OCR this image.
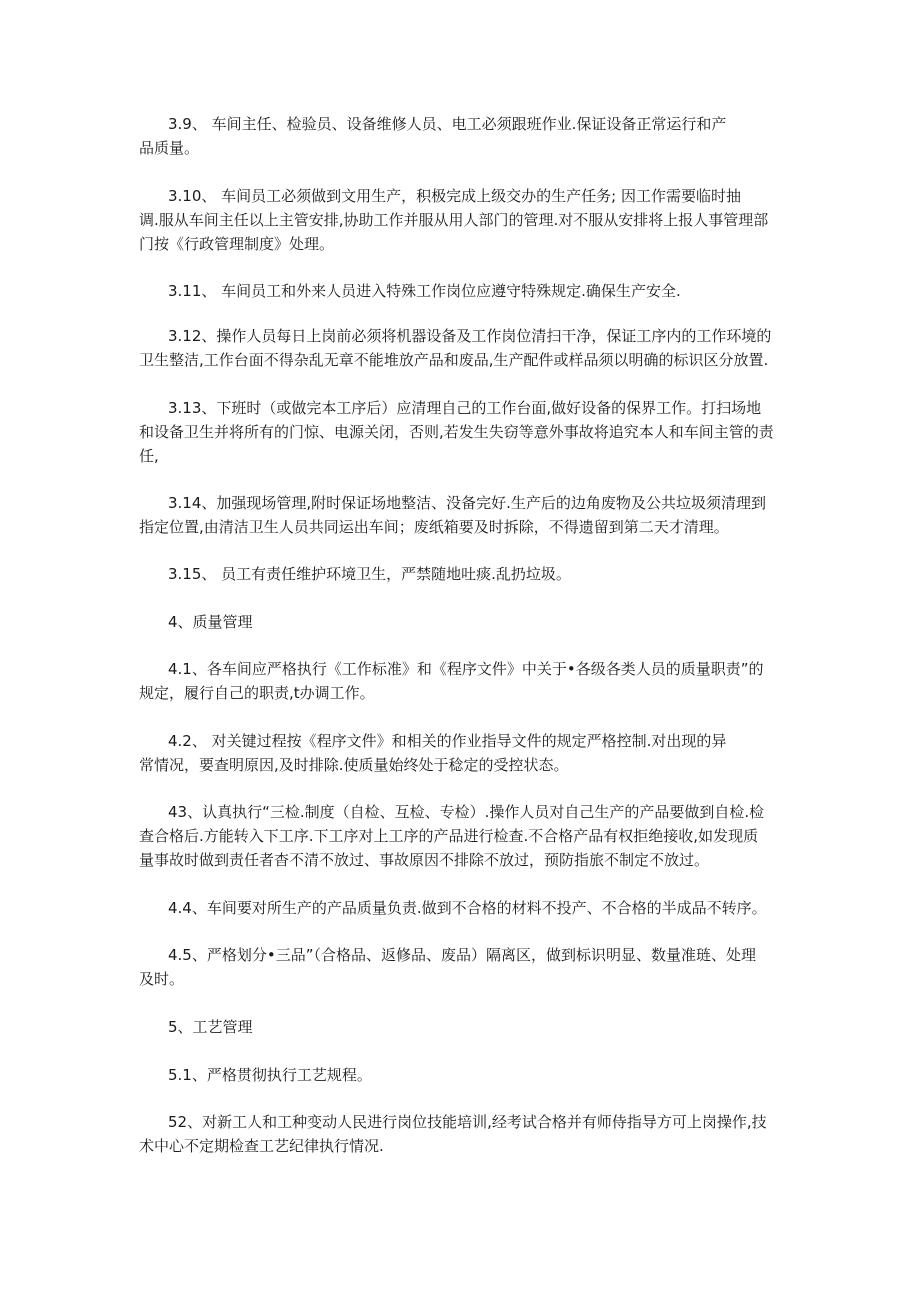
3.9、 车间主任、检验员、设备维修人员、电工必须跟班作业.保证设备正常运行和产
品质量。
3.10、 车间员工必须做到文用生产，积极完成上级交办的生产任务; 因工作需要临时抽
调.服从车间主任以上主管安排,协助工作并服从用人部门的管理.对不服从安排将上报人事管理部
门按《行政管理制度》处理。
3.11、 车间员工和外来人员进入特殊工作岗位应遵守特殊规定.确保生产安全.
3.12、操作人员每日上岗前必须将机器设备及工作岗位清扫干净，保证工序内的工作环境的
卫生整洁,工作台面不得杂乱无章不能堆放产品和废品,生产配件或样品须以明确的标识区分放置.
3.13、下班时（或做完本工序后）应清理自己的工作台面,做好设备的保界工作。打扫场地
和设备卫生并将所有的门惊、电源关闭，否则,若发生失窃等意外事故将追究本人和车间主管的责
任,
3.14、加强现场管理,附时保证场地整洁、没备完好.生产后的边角废物及公共垃圾须清理到
指定位置,由清洁卫生人员共同运出车间；废纸箱要及时拆除，不得遗留到第二天才清理。
3.15、 员工有责任维护环境卫生，严禁随地吐痰.乱扔垃圾。
4、质量管理
4.1、各车间应严格执行《工作标准》和《程序文件》中关于•各级各类人员的质量职责”的
规定，履行自己的职责,t办调工作。
4.2、 对关键过程按《程序文件》和相关的作业指导文件的规定严格控制.对出现的异
常情况，要查明原因,及时排除.使质量始终处于稔定的受控状态。
43、认真执行“三检.制度（自检、互检、专检）.操作人员对自己生产的产品要做到自检.检
查合格后.方能转入下工序.下工序对上工序的产品进行检查.不合格产品有权拒绝接收,如发现质
量事故时做到责任者杳不清不放过、事故原因不排除不放过，预防指旅不制定不放过。
4.4、车间要对所生产的产品质量负责.做到不合格的材料不投产、不合格的半成品不转序。
4.5、严格划分•三品”（合格品、返修品、废品）隔离区，做到标识明显、数量准琏、处理
及时。
5、工艺管理
5.1、严格贯彻执行工艺规程。
52、对新工人和工种变动人民进行岗位技能培训,经考试合格并有师侍指导方可上岗操作,技
术中心不定期检查工艺纪律执行情况.
